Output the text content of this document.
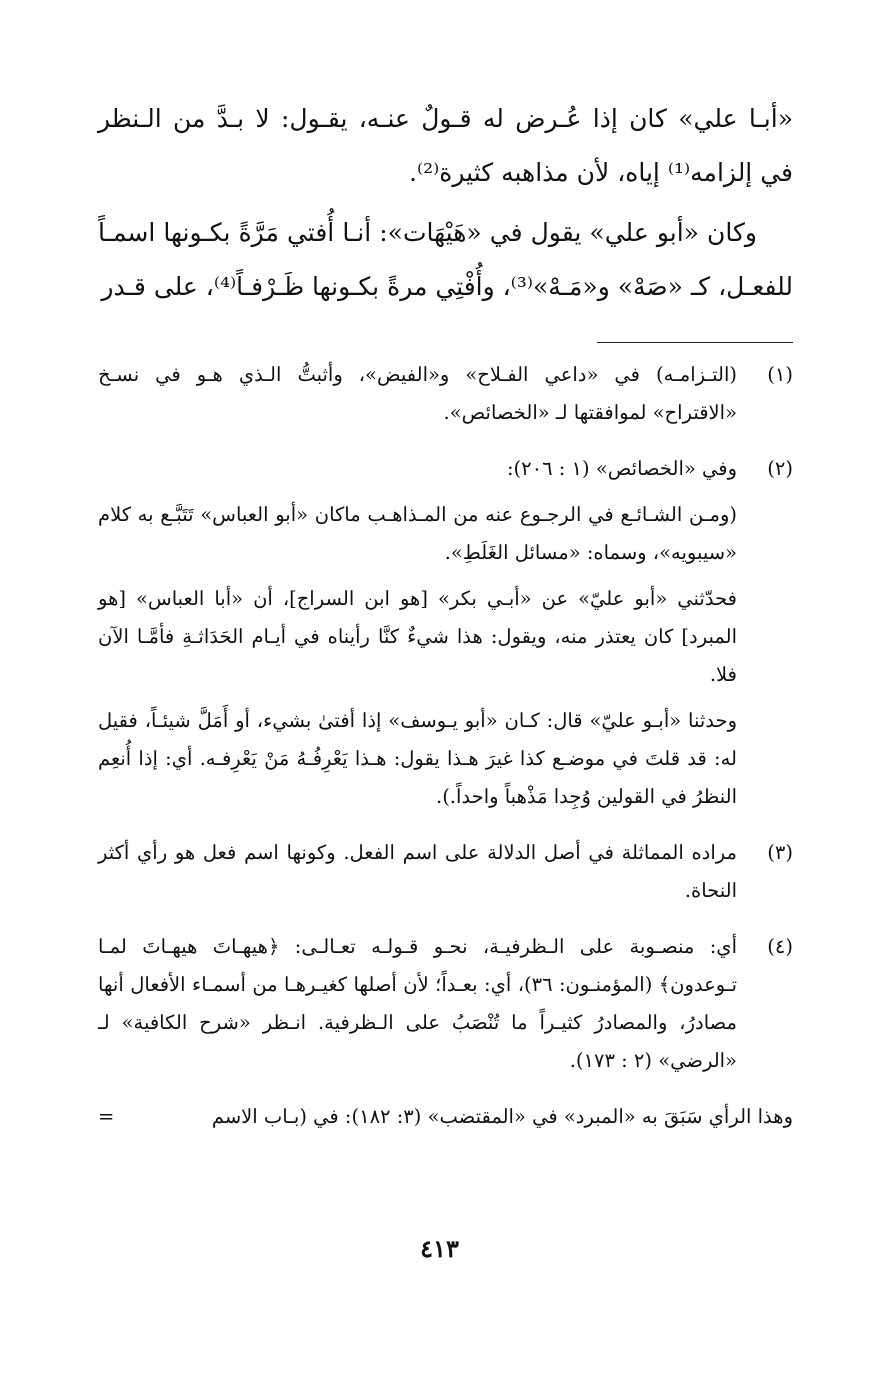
«أبـا علي» كان إذا عُـرض له قـولٌ عنـه، يقـول: لا بـدَّ من الـنظر في إلزامه⁽¹⁾ إياه، لأن مذاهبه كثيرة⁽²⁾.

وكان «أبو علي» يقول في «هَيْهَات»: أنـا أُفتي مَرَّةً بكـونها اسمـاً للفعـل، كـ «صَهْ» و«مَـهْ»⁽³⁾، وأُفْتِي مرةً بكـونها ظَـرْفـاً⁽⁴⁾، على قـدر

(١)

(التـزامـه) في «داعي الفـلاح» و«الفيض»، وأثبتُّ الـذي هـو في نسـخ «الاقتراح» لموافقتها لـ «الخصائص».

(٢)

وفي «الخصائص» (١ : ٢٠٦):

(ومـن الشـائـع في الرجـوع عنه من المـذاهـب ماكان «أبو العباس» تَتَبَّـع به كلام «سيبويه»، وسماه: «مسائل الغَلَطِ».

فحدّثني «أبو عليّ» عن «أبـي بكر» [هو ابن السراج]، أن «أبا العباس» [هو المبرد] كان يعتذر منه، ويقول: هذا شيءٌ كنَّا رأيناه في أيـام الحَدَاثـةِ فأمَّـا الآن فلا.

وحدثنا «أبـو عليّ» قال: كـان «أبو يـوسف» إذا أفتىٰ بشيء، أو أَمَلَّ شيئـاً، فقيل له: قد قلتَ في موضـع كذا غيرَ هـذا يقول: هـذا يَعْرِفُـهُ مَنْ يَعْرِفـه. أي: إذا أُنعِم النظرُ في القولين وُجِدا مَذْهباً واحداً.).

(٣)

مراده المماثلة في أصل الدلالة على اسم الفعل. وكونها اسم فعل هو رأي أكثر النحاة.

(٤)

أي: منصـوبة على الـظرفيـة، نحـو قـولـه تعـالـى: ﴿هيهـاتَ هيهـاتَ لمـا تـوعدون﴾ (المؤمنـون: ٣٦)، أي: بعـداً؛ لأن أصلها كغيـرهـا من أسمـاء الأفعال أنها مصادرُ، والمصادرُ كثيـراً ما تُنْصَبُ على الـظرفية. انـظر «شرح الكافية» لـ «الرضي» (٢ : ١٧٣).

وهذا الرأي سَبَقَ به «المبرد» في «المقتضب» (٣: ١٨٢): في (بـاب الاسم
=
٤١٣
